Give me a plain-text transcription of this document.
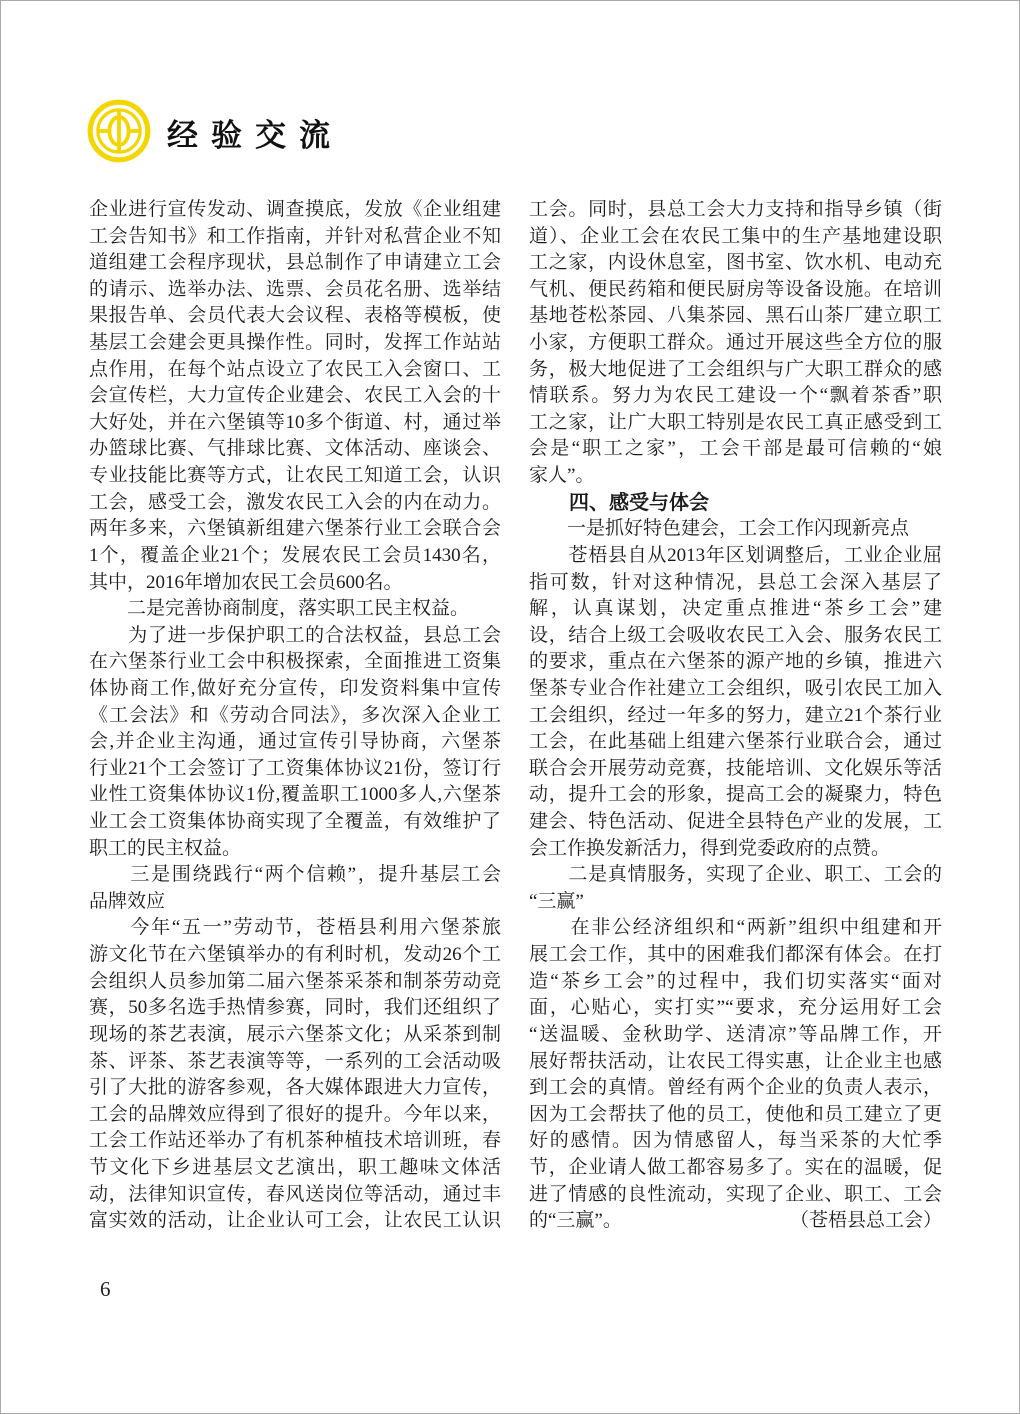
经验交流
企业进行宣传发动、调查摸底，发放《企业组建
工会告知书》和工作指南，并针对私营企业不知
道组建工会程序现状，县总制作了申请建立工会
的请示、选举办法、选票、会员花名册、选举结
果报告单、会员代表大会议程、表格等模板，使
基层工会建会更具操作性。同时，发挥工作站站
点作用，在每个站点设立了农民工入会窗口、工
会宣传栏，大力宣传企业建会、农民工入会的十
大好处，并在六堡镇等10多个街道、村，通过举
办篮球比赛、气排球比赛、文体活动、座谈会、
专业技能比赛等方式，让农民工知道工会，认识
工会，感受工会，激发农民工入会的内在动力。
两年多来，六堡镇新组建六堡茶行业工会联合会
1个，覆盖企业21个；发展农民工会员1430名，
其中，2016年增加农民工会员600名。
　　二是完善协商制度，落实职工民主权益。
　　为了进一步保护职工的合法权益，县总工会
在六堡茶行业工会中积极探索，全面推进工资集
体协商工作,做好充分宣传，印发资料集中宣传
《工会法》和《劳动合同法》，多次深入企业工
会,并企业主沟通，通过宣传引导协商，六堡茶
行业21个工会签订了工资集体协议21份，签订行
业性工资集体协议1份,覆盖职工1000多人,六堡茶
业工会工资集体协商实现了全覆盖，有效维护了
职工的民主权益。
　　三是围绕践行“两个信赖”，提升基层工会
品牌效应
　　今年“五一”劳动节，苍梧县利用六堡茶旅
游文化节在六堡镇举办的有利时机，发动26个工
会组织人员参加第二届六堡茶采茶和制茶劳动竞
赛，50多名选手热情参赛，同时，我们还组织了
现场的茶艺表演，展示六堡茶文化；从采茶到制
茶、评茶、茶艺表演等等，一系列的工会活动吸
引了大批的游客参观，各大媒体跟进大力宣传，
工会的品牌效应得到了很好的提升。今年以来，
工会工作站还举办了有机茶种植技术培训班，春
节文化下乡进基层文艺演出，职工趣味文体活
动，法律知识宣传，春风送岗位等活动，通过丰
富实效的活动，让企业认可工会，让农民工认识
工会。同时，县总工会大力支持和指导乡镇（街
道）、企业工会在农民工集中的生产基地建设职
工之家，内设休息室，图书室、饮水机、电动充
气机、便民药箱和便民厨房等设备设施。在培训
基地苍松茶园、八集茶园、黑石山茶厂建立职工
小家，方便职工群众。通过开展这些全方位的服
务，极大地促进了工会组织与广大职工群众的感
情联系。努力为农民工建设一个“飘着茶香”职
工之家，让广大职工特别是农民工真正感受到工
会是“职工之家”，工会干部是最可信赖的“娘
家人”。
　　四、感受与体会
　　一是抓好特色建会，工会工作闪现新亮点
　　苍梧县自从2013年区划调整后，工业企业屈
指可数，针对这种情况，县总工会深入基层了
解，认真谋划，决定重点推进“茶乡工会”建
设，结合上级工会吸收农民工入会、服务农民工
的要求，重点在六堡茶的源产地的乡镇，推进六
堡茶专业合作社建立工会组织，吸引农民工加入
工会组织，经过一年多的努力，建立21个茶行业
工会，在此基础上组建六堡茶行业联合会，通过
联合会开展劳动竞赛，技能培训、文化娱乐等活
动，提升工会的形象，提高工会的凝聚力，特色
建会、特色活动、促进全县特色产业的发展，工
会工作换发新活力，得到党委政府的点赞。
　　二是真情服务，实现了企业、职工、工会的
“三赢”
　　在非公经济组织和“两新”组织中组建和开
展工会工作，其中的困难我们都深有体会。在打
造“茶乡工会”的过程中，我们切实落实“面对
面，心贴心，实打实”“要求，充分运用好工会
“送温暖、金秋助学、送清凉”等品牌工作，开
展好帮扶活动，让农民工得实惠，让企业主也感
到工会的真情。曾经有两个企业的负责人表示，
因为工会帮扶了他的员工，使他和员工建立了更
好的感情。因为情感留人，每当采茶的大忙季
节，企业请人做工都容易多了。实在的温暖，促
进了情感的良性流动，实现了企业、职工、工会
的“三赢”。	（苍梧县总工会）
6
